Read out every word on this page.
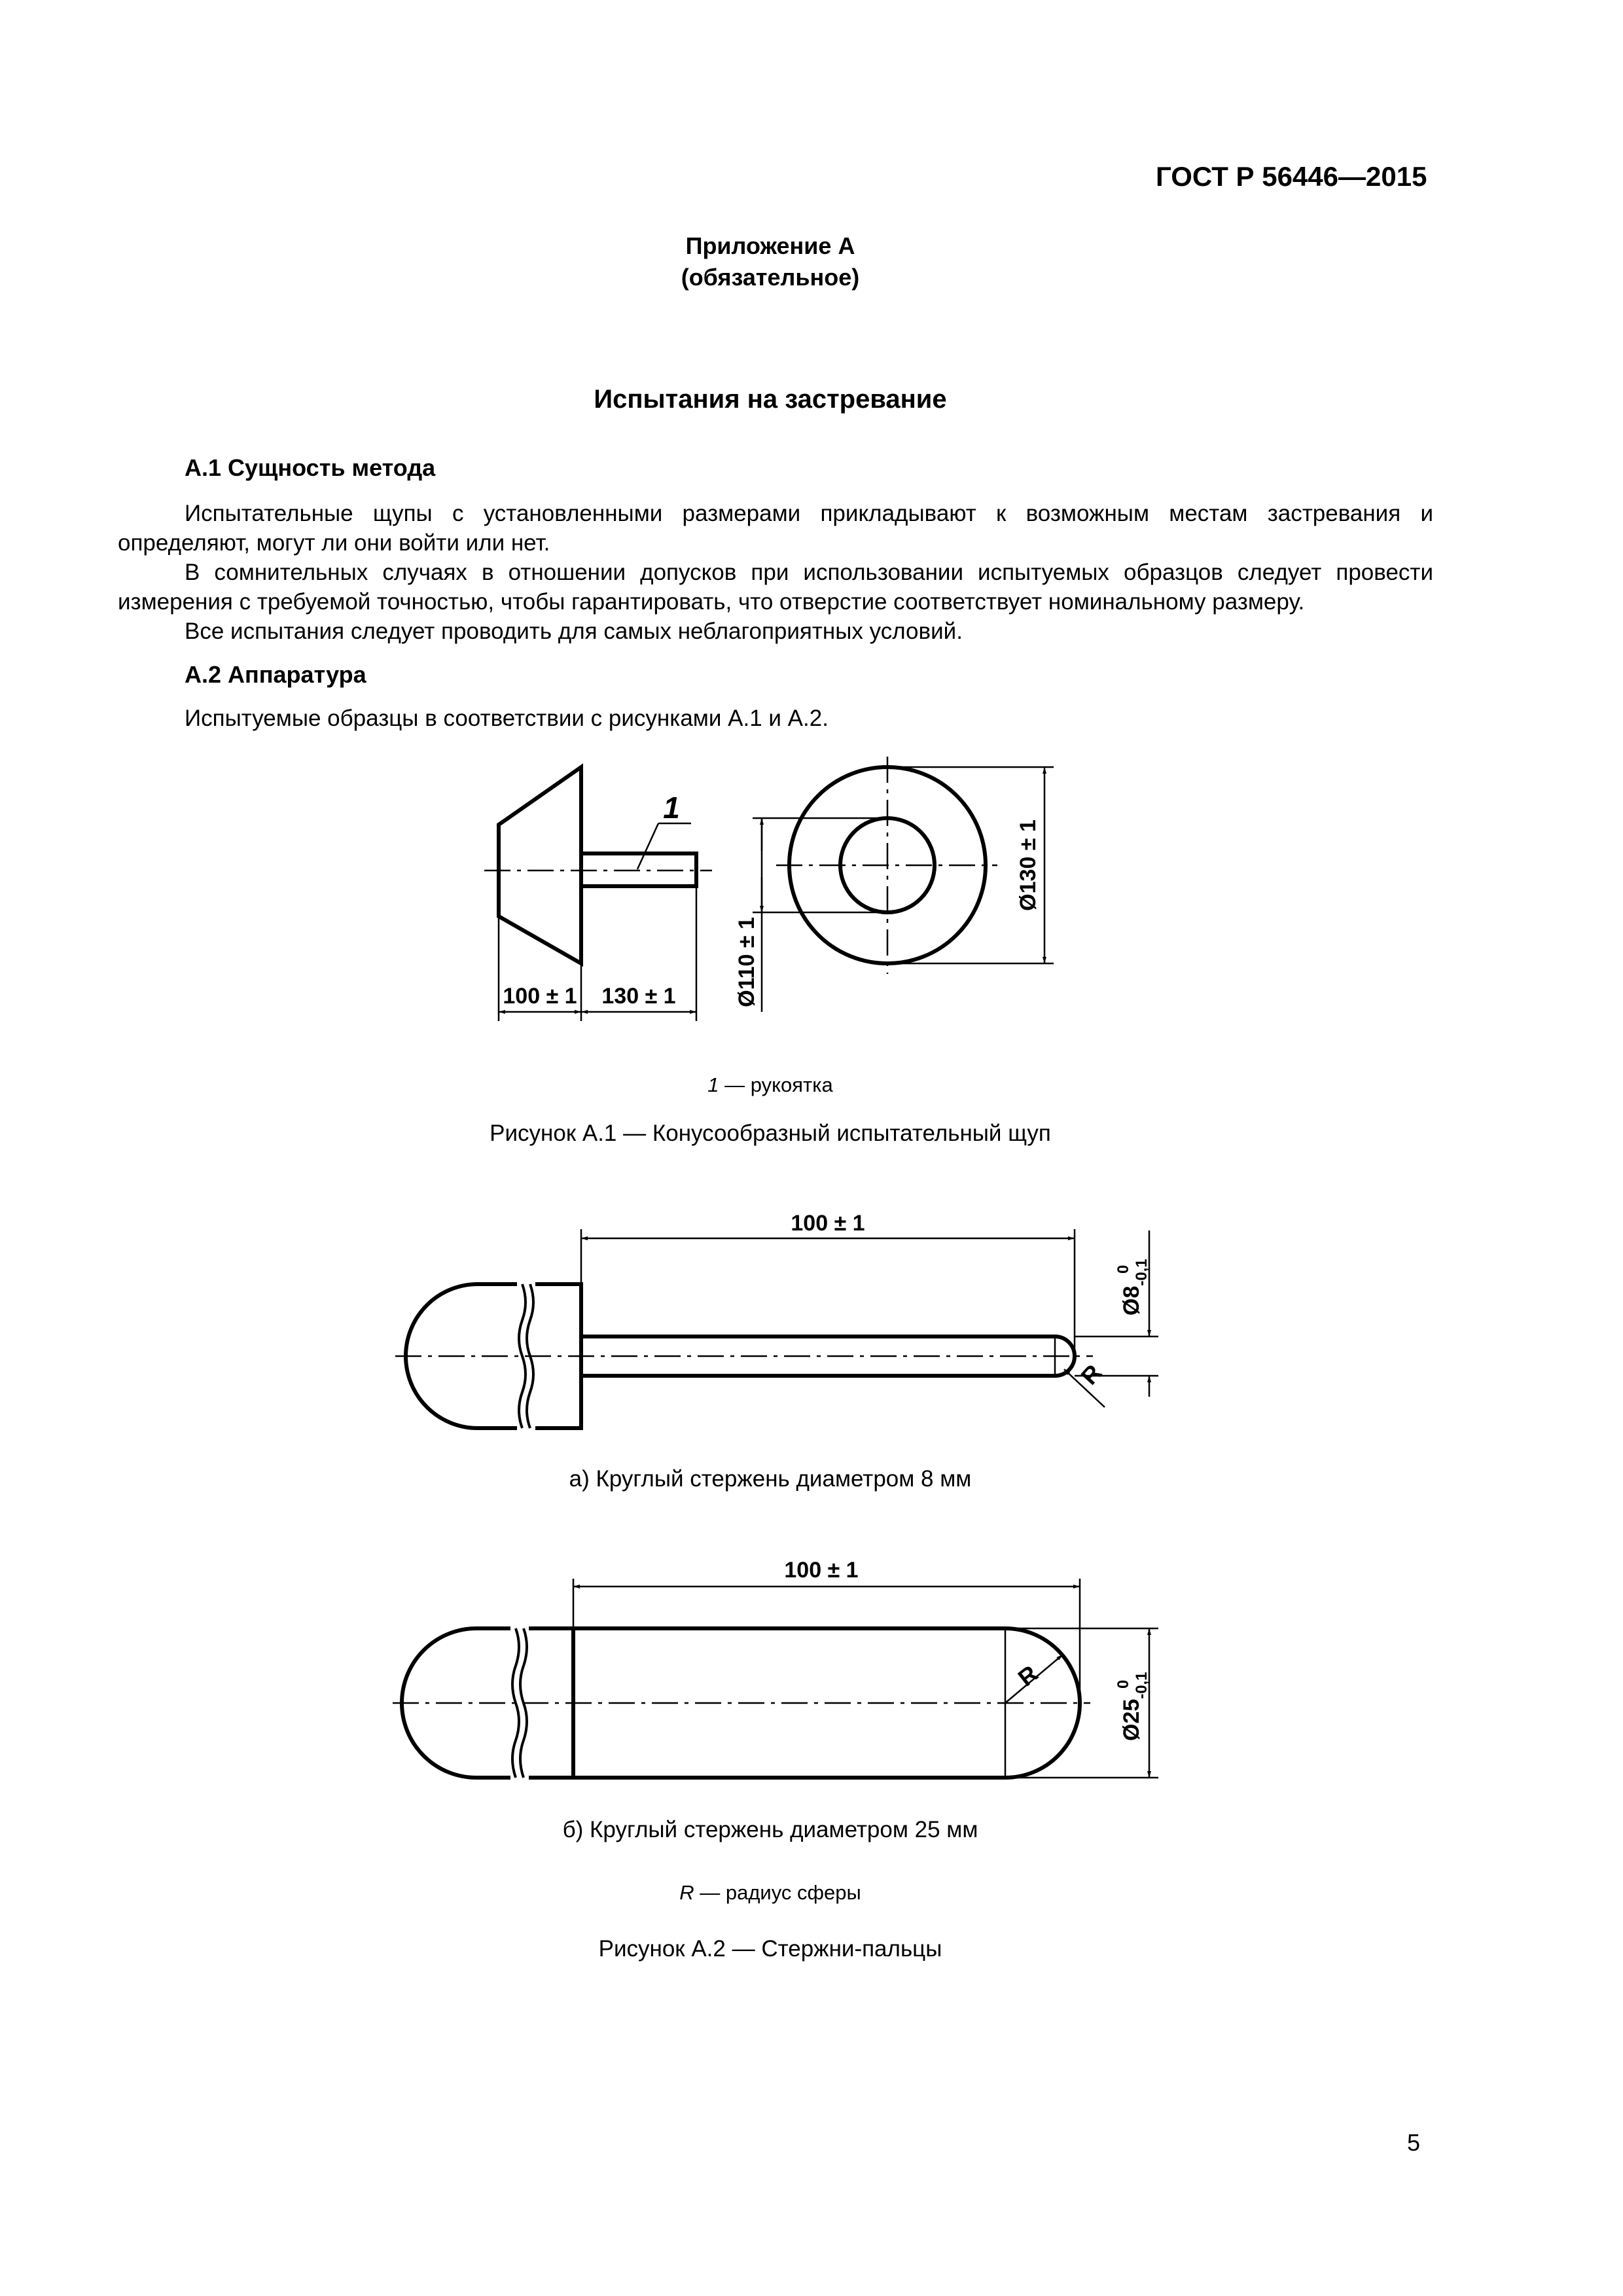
ГОСТ Р 56446—2015
Приложение А
(обязательное)
Испытания на застревание
А.1 Сущность метода

Испытательные щупы с установленными размерами прикладывают к возможным местам застревания и определяют, могут ли они войти или нет.

В сомнительных случаях в отношении допусков при использовании испытуемых образцов следует провести измерения с требуемой точностью, чтобы гарантировать, что отверстие соответствует номинальному размеру.

Все испытания следует проводить для самых неблагоприятных условий.

А.2 Аппаратура
Испытуемые образцы в соответствии с рисунками А.1 и А.2.
1
100 ± 1 130 ± 1	Ø110 ± 1
Ø130 ± 1
100 ± 1
$Ø8_{-0,1}$
0
R
100 ± 1
$Ø25_{-0,1}$
0
R
1 — рукоятка
Рисунок А.1 — Конусообразный испытательный щуп
а) Круглый стержень диаметром 8 мм
б) Круглый стержень диаметром 25 мм
R — радиус сферы
Рисунок А.2 — Стержни-пальцы
5
